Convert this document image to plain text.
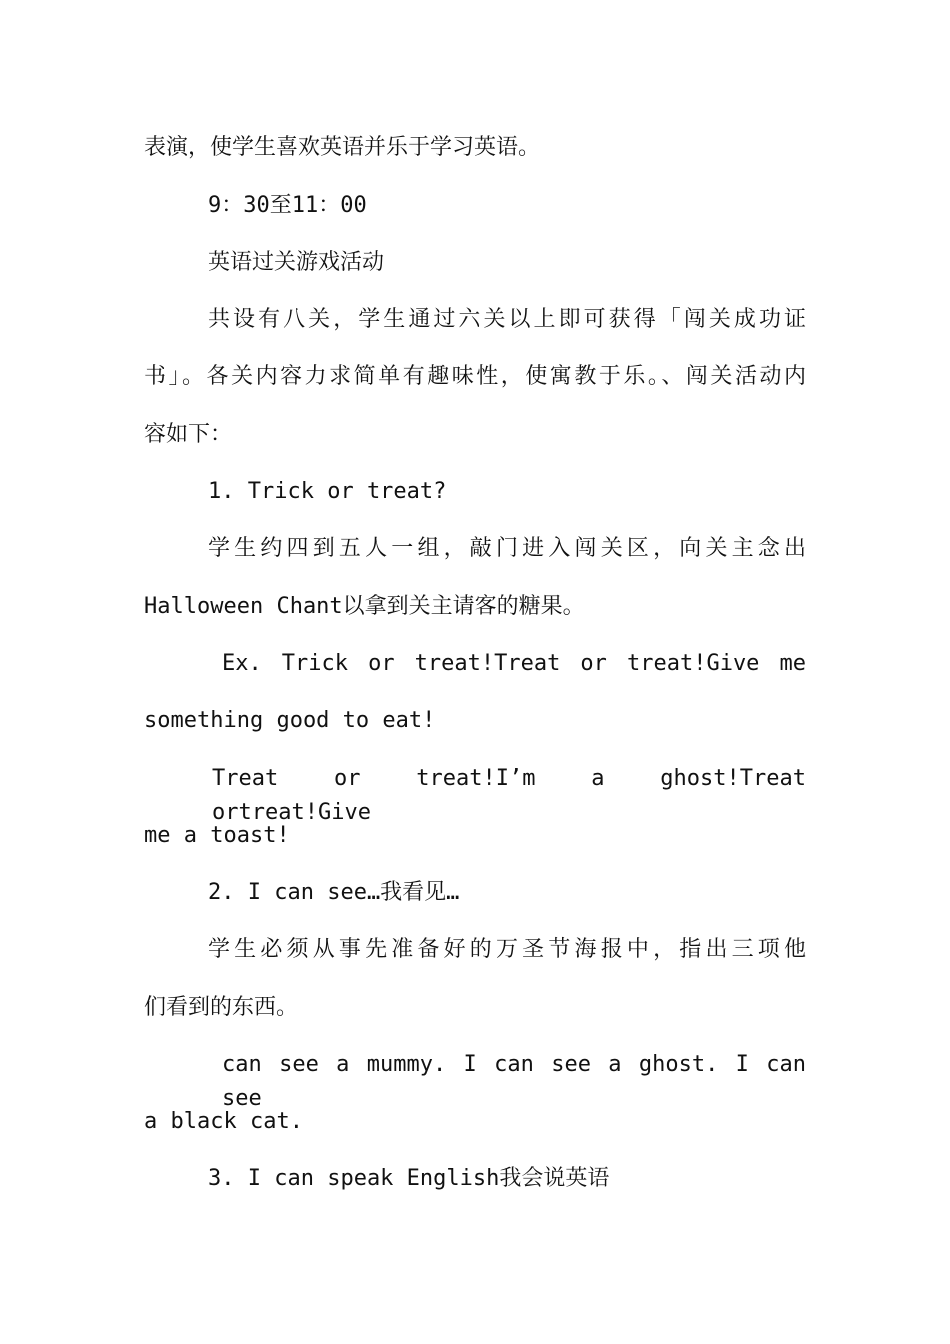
表演，使学生喜欢英语并乐于学习英语。
9：30至11：00
英语过关游戏活动
共设有八关，学生通过六关以上即可获得「闯关成功证
书」。各关内容力求简单有趣味性，使寓教于乐。、闯关活动内
容如下：
1. Trick or treat?
学生约四到五人一组，敲门进入闯关区，向关主念出
Halloween Chant以拿到关主请客的糖果。
Ex. Trick or treat!Treat or treat!Give me
something good to eat!
Treat or treat!I’m a ghost!Treat ortreat!Give
me a toast!
2. I can see…我看见…
学生必须从事先准备好的万圣节海报中，指出三项他
们看到的东西。
can see a mummy. I can see a ghost. I can see
a black cat.
3. I can speak English我会说英语
